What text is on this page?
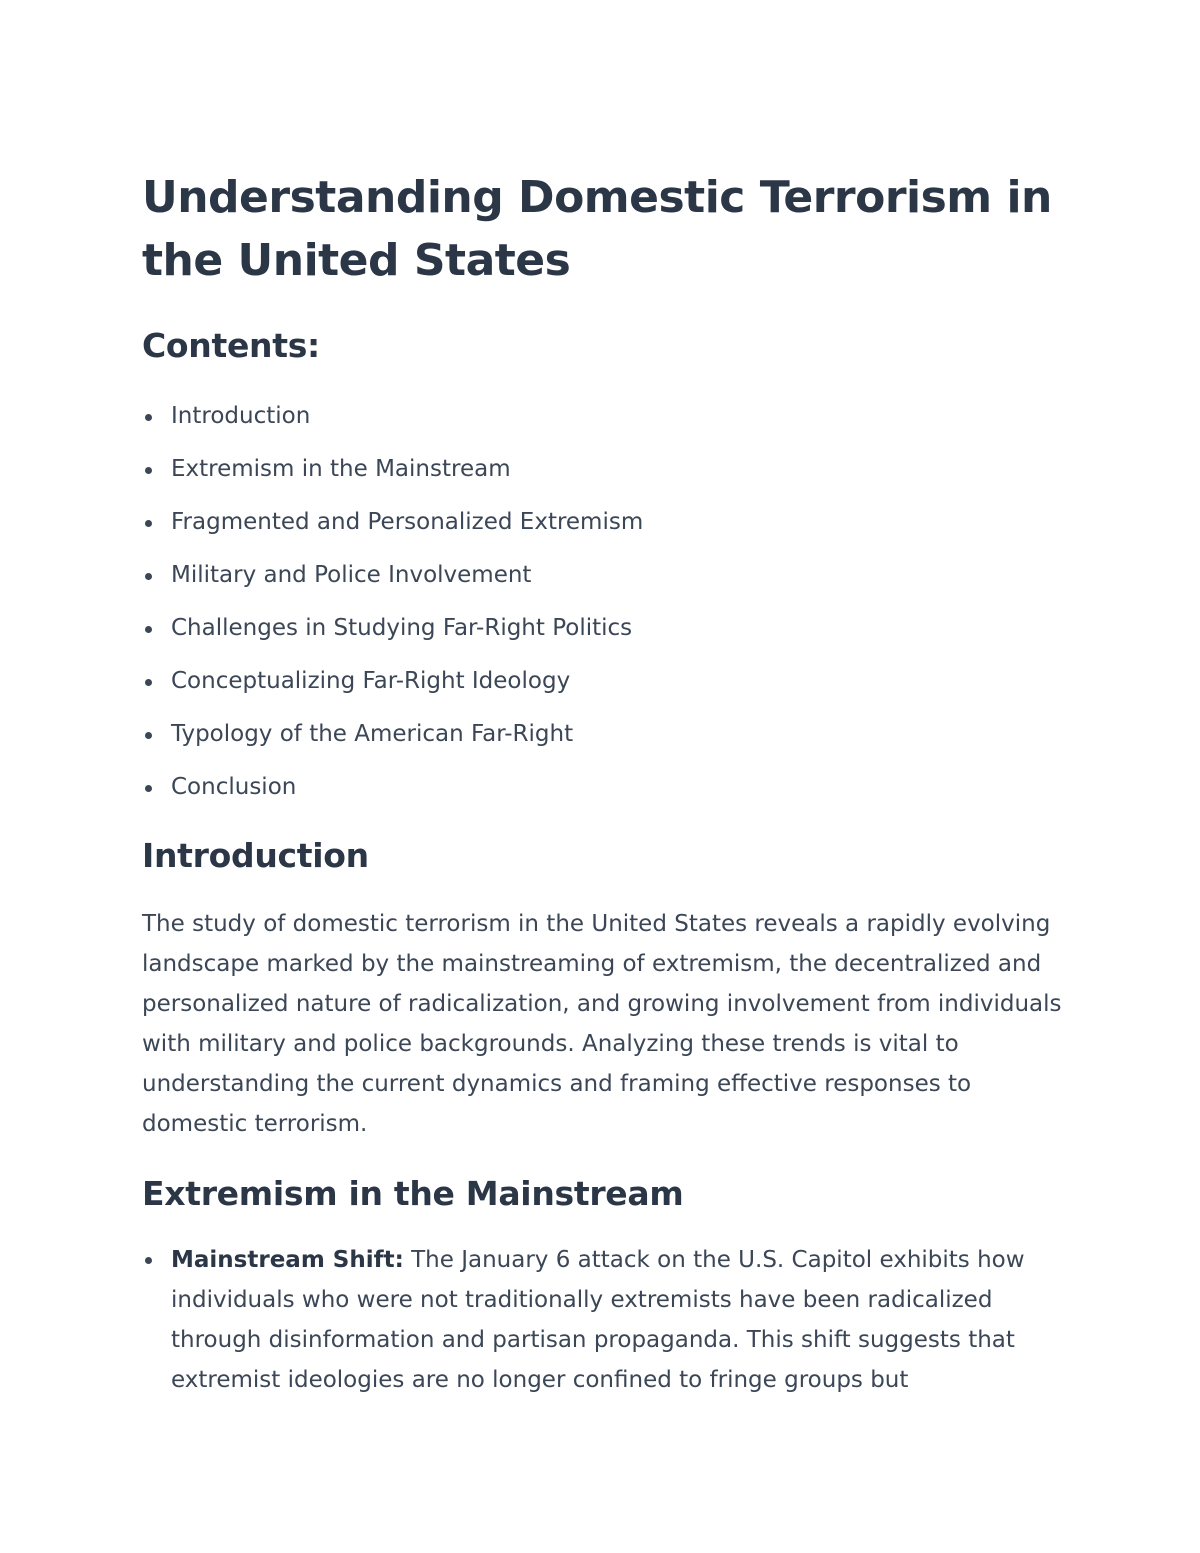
Understanding Domestic Terrorism in the United States
Contents:
Introduction
Extremism in the Mainstream
Fragmented and Personalized Extremism
Military and Police Involvement
Challenges in Studying Far-Right Politics
Conceptualizing Far-Right Ideology
Typology of the American Far-Right
Conclusion
Introduction

The study of domestic terrorism in the United States reveals a rapidly evolving landscape marked by the mainstreaming of extremism, the decentralized and personalized nature of radicalization, and growing involvement from individuals with military and police backgrounds. Analyzing these trends is vital to understanding the current dynamics and framing effective responses to domestic terrorism.

Extremism in the Mainstream
Mainstream Shift: The January 6 attack on the U.S. Capitol exhibits how individuals who were not traditionally extremists have been radicalized through disinformation and partisan propaganda. This shift suggests that extremist ideologies are no longer confined to fringe groups but
